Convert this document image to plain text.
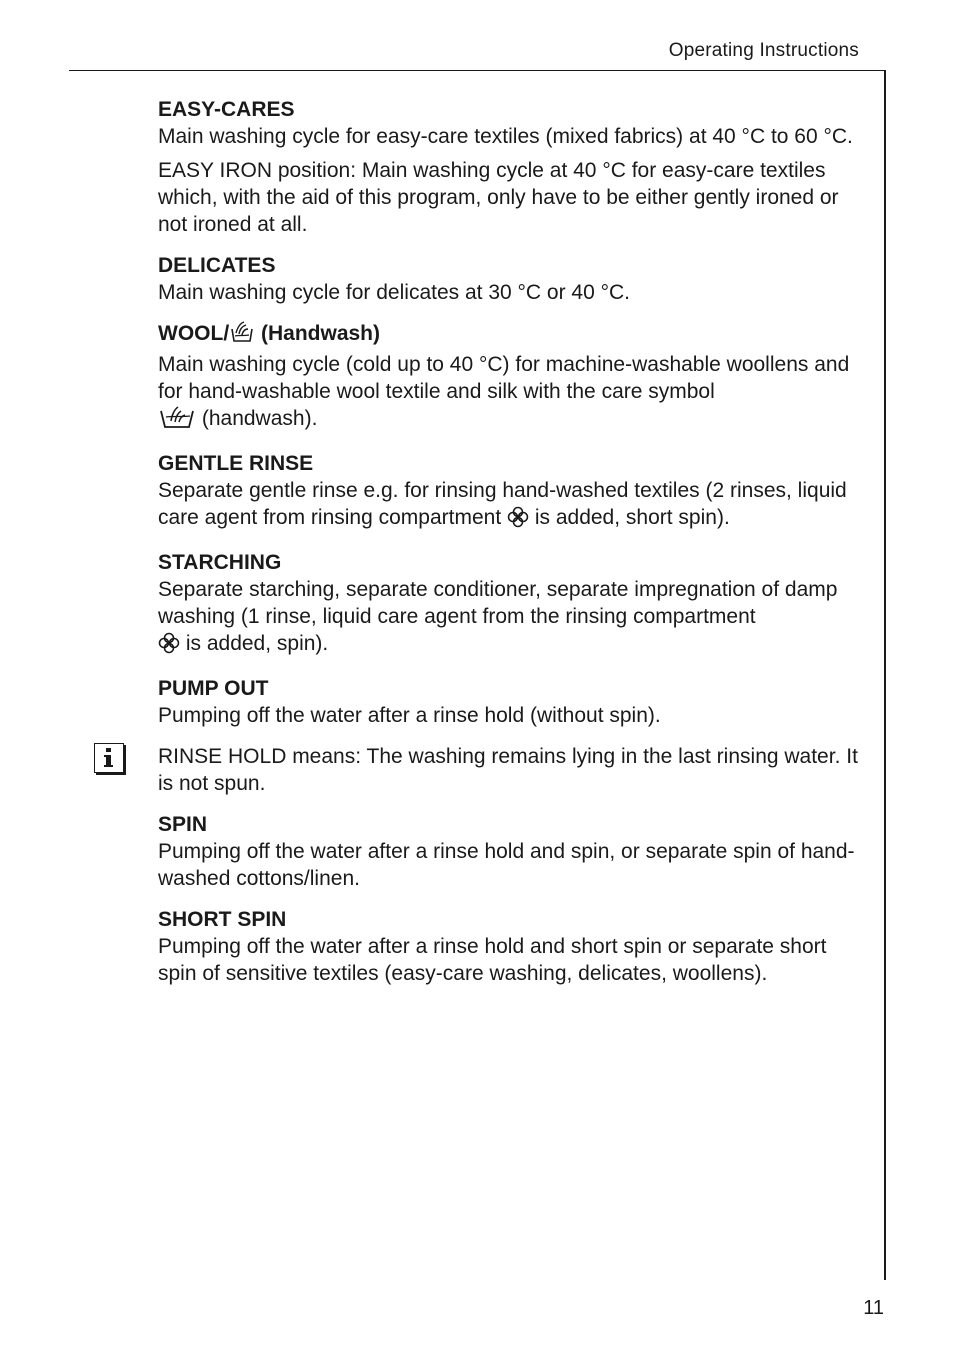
Operating Instructions
EASY-CARES

Main washing cycle for easy-care textiles (mixed fabrics) at 40 °C to 60 °C.

EASY IRON position: Main washing cycle at 40 °C for easy-care textiles which, with the aid of this program, only have to be either gently ironed or not ironed at all.

DELICATES

Main washing cycle for delicates at 30 °C or 40 °C.

WOOL/ (Handwash)

Main washing cycle (cold up to 40 °C) for machine-washable woollens and for hand-washable wool textile and silk with the care symbol
(handwash).

GENTLE RINSE

Separate gentle rinse e.g. for rinsing hand-washed textiles (2 rinses, liquid care agent from rinsing compartment is added, short spin).

STARCHING

Separate starching, separate conditioner, separate impregnation of damp washing (1 rinse, liquid care agent from the rinsing compartment
is added, spin).

PUMP OUT

Pumping off the water after a rinse hold (without spin).

RINSE HOLD means: The washing remains lying in the last rinsing water. It is not spun.

SPIN

Pumping off the water after a rinse hold and spin, or separate spin of hand-washed cottons/linen.

SHORT SPIN

Pumping off the water after a rinse hold and short spin or separate short spin of sensitive textiles (easy-care washing, delicates, woollens).

11
